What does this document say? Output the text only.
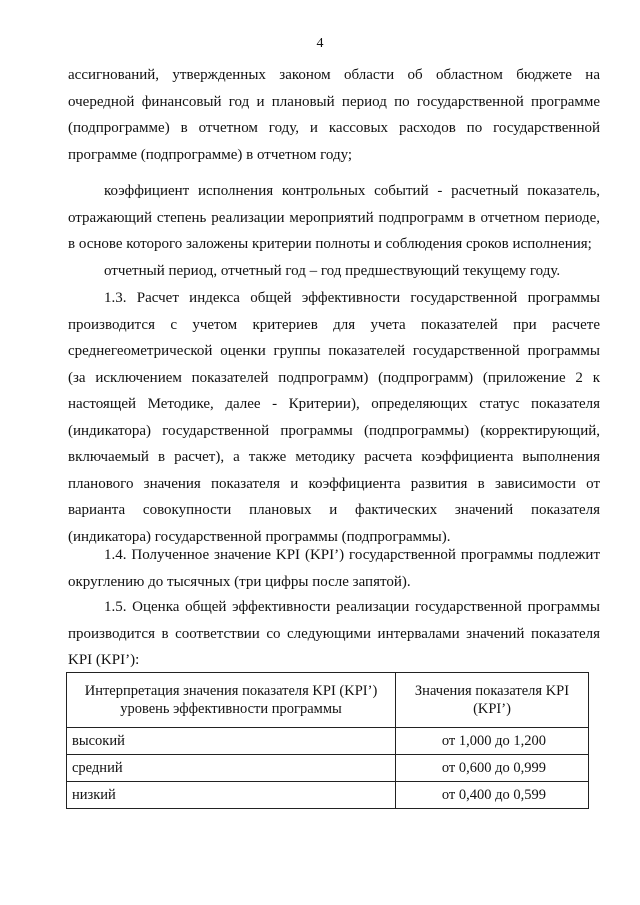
4

ассигнований, утвержденных законом области об областном бюджете на очередной финансовый год и плановый период по государственной программе (подпрограмме) в отчетном году, и кассовых расходов по государственной программе (подпрограмме) в отчетном году;

коэффициент исполнения контрольных событий - расчетный показатель, отражающий степень реализации мероприятий подпрограмм в отчетном периоде, в основе которого заложены критерии полноты и соблюдения сроков исполнения;

отчетный период, отчетный год – год предшествующий текущему году.

1.3. Расчет индекса общей эффективности государственной программы производится с учетом критериев для учета показателей при расчете среднегеометрической оценки группы показателей государственной программы (за исключением показателей подпрограмм) (подпрограмм) (приложение 2 к настоящей Методике, далее - Критерии), определяющих статус показателя (индикатора) государственной программы (подпрограммы) (корректирующий, включаемый в расчет), а также методику расчета коэффициента выполнения планового значения показателя и коэффициента развития в зависимости от варианта совокупности плановых и фактических значений показателя (индикатора) государственной программы (подпрограммы).

1.4. Полученное значение KPI (KPI’) государственной программы подлежит округлению до тысячных (три цифры после запятой).

1.5. Оценка общей эффективности реализации государственной программы производится в соответствии со следующими интервалами значений показателя KPI (KPI’):

Интерпретация значения показателя KPI (KPI’) уровень эффективности программы	Значения показателя KPI (KPI’)
высокий	от 1,000 до 1,200
средний	от 0,600 до 0,999
низкий	от 0,400 до 0,599
